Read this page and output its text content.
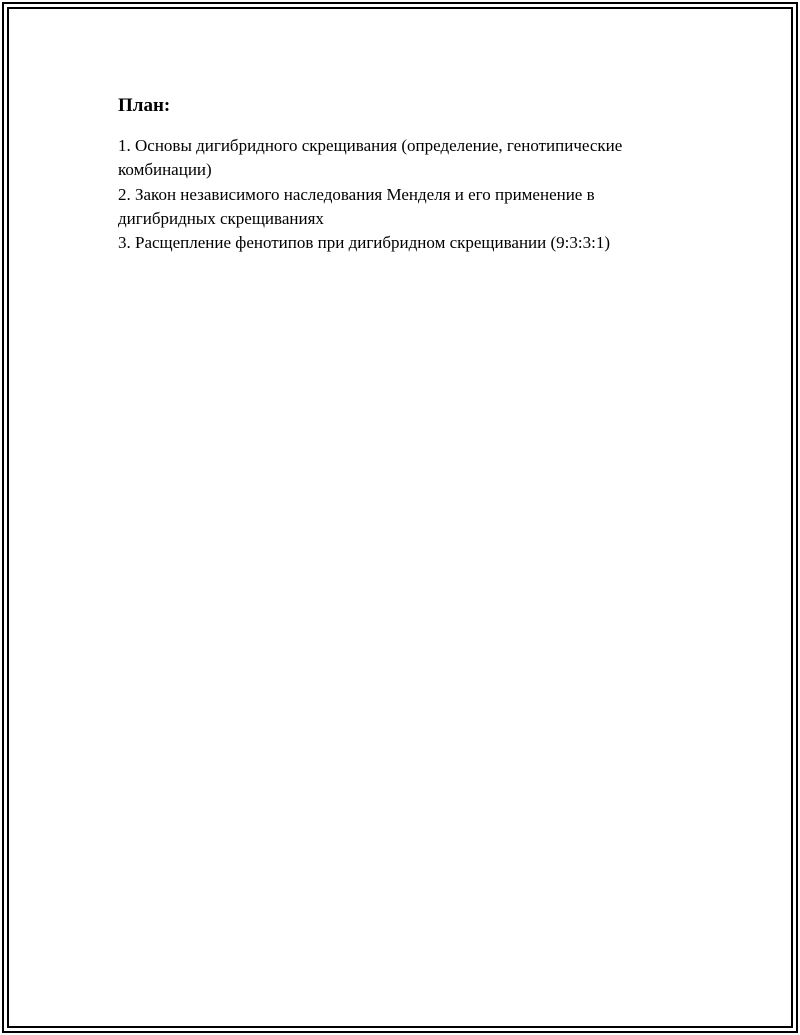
План:
1. Основы дигибридного скрещивания (определение, генотипические комбинации)
2. Закон независимого наследования Менделя и его применение в дигибридных скрещиваниях
3. Расщепление фенотипов при дигибридном скрещивании (9:3:3:1)
